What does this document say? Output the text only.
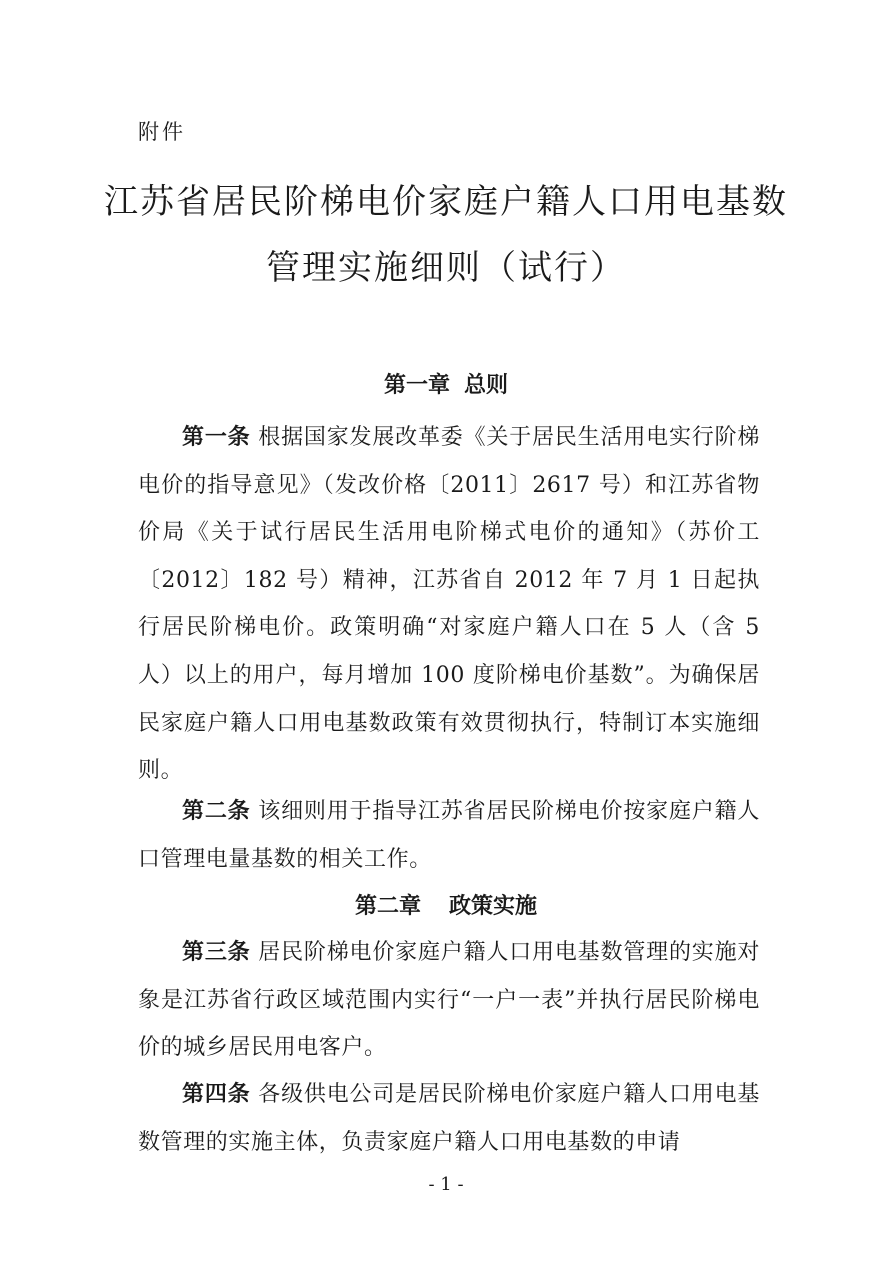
附件
江苏省居民阶梯电价家庭户籍人口用电基数
管理实施细则（试行）
第一章 总则

第一条 根据国家发展改革委《关于居民生活用电实行阶梯电价的指导意见》（发改价格〔2011〕2617 号）和江苏省物价局《关于试行居民生活用电阶梯式电价的通知》（苏价工〔2012〕182 号）精神，江苏省自 2012 年 7 月 1 日起执行居民阶梯电价。政策明确“对家庭户籍人口在 5 人（含 5 人）以上的用户，每月增加 100 度阶梯电价基数”。为确保居民家庭户籍人口用电基数政策有效贯彻执行，特制订本实施细则。

第二条 该细则用于指导江苏省居民阶梯电价按家庭户籍人口管理电量基数的相关工作。

第二章 政策实施

第三条 居民阶梯电价家庭户籍人口用电基数管理的实施对象是江苏省行政区域范围内实行“一户一表”并执行居民阶梯电价的城乡居民用电客户。

第四条 各级供电公司是居民阶梯电价家庭户籍人口用电基数管理的实施主体，负责家庭户籍人口用电基数的申请

- 1 -
